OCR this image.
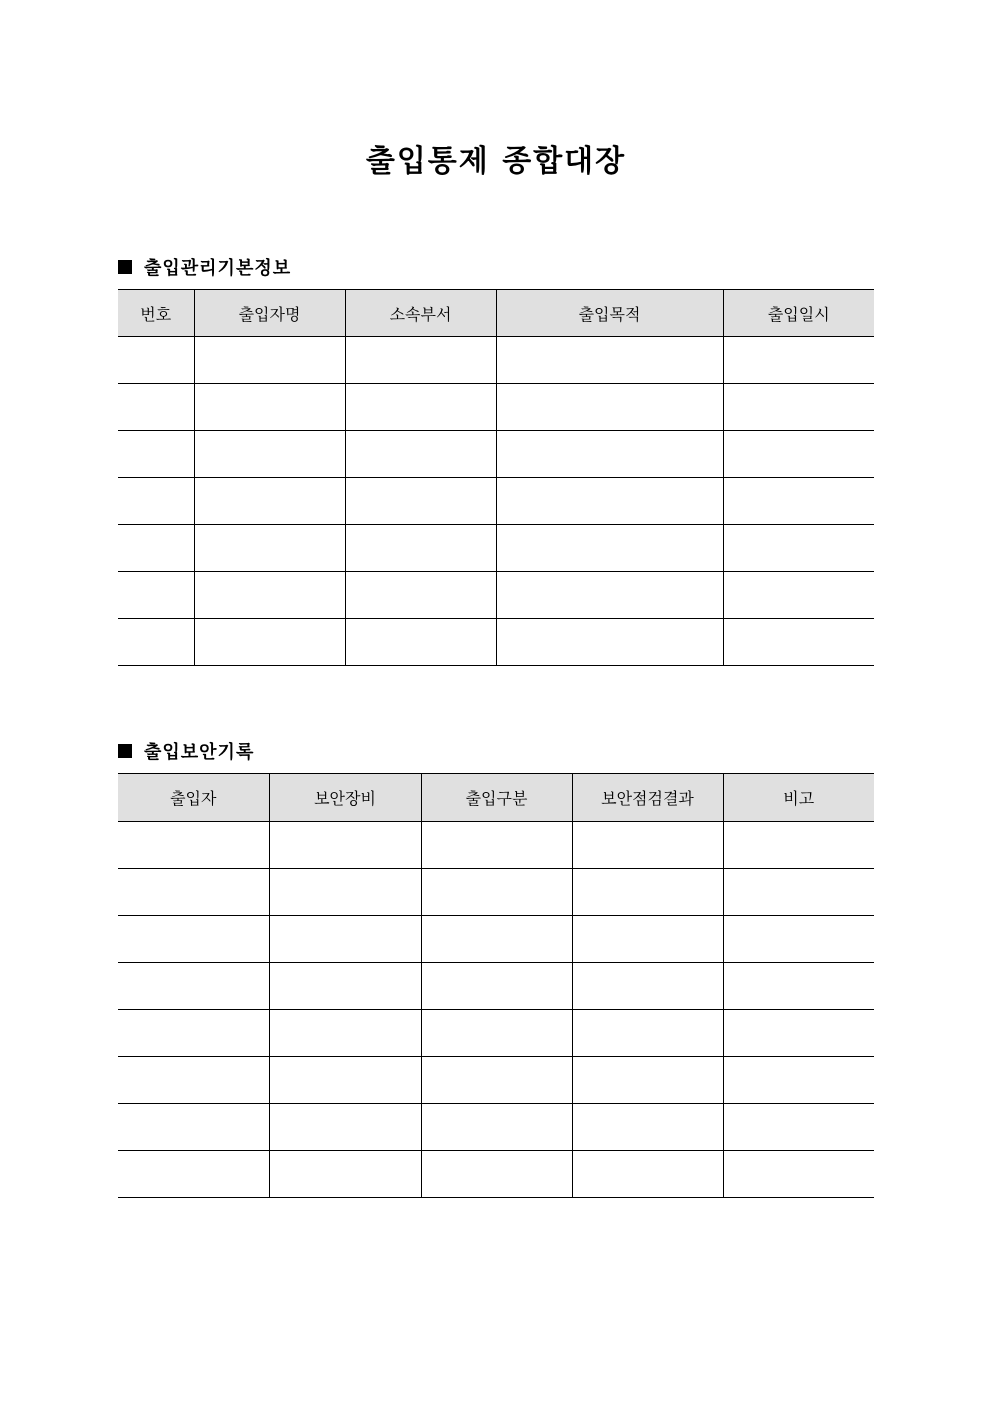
출입통제 종합대장
출입관리기본정보
번호	출입자명	소속부서	출입목적	출입일시

출입보안기록
출입자	보안장비	출입구분	보안점검결과	비고
